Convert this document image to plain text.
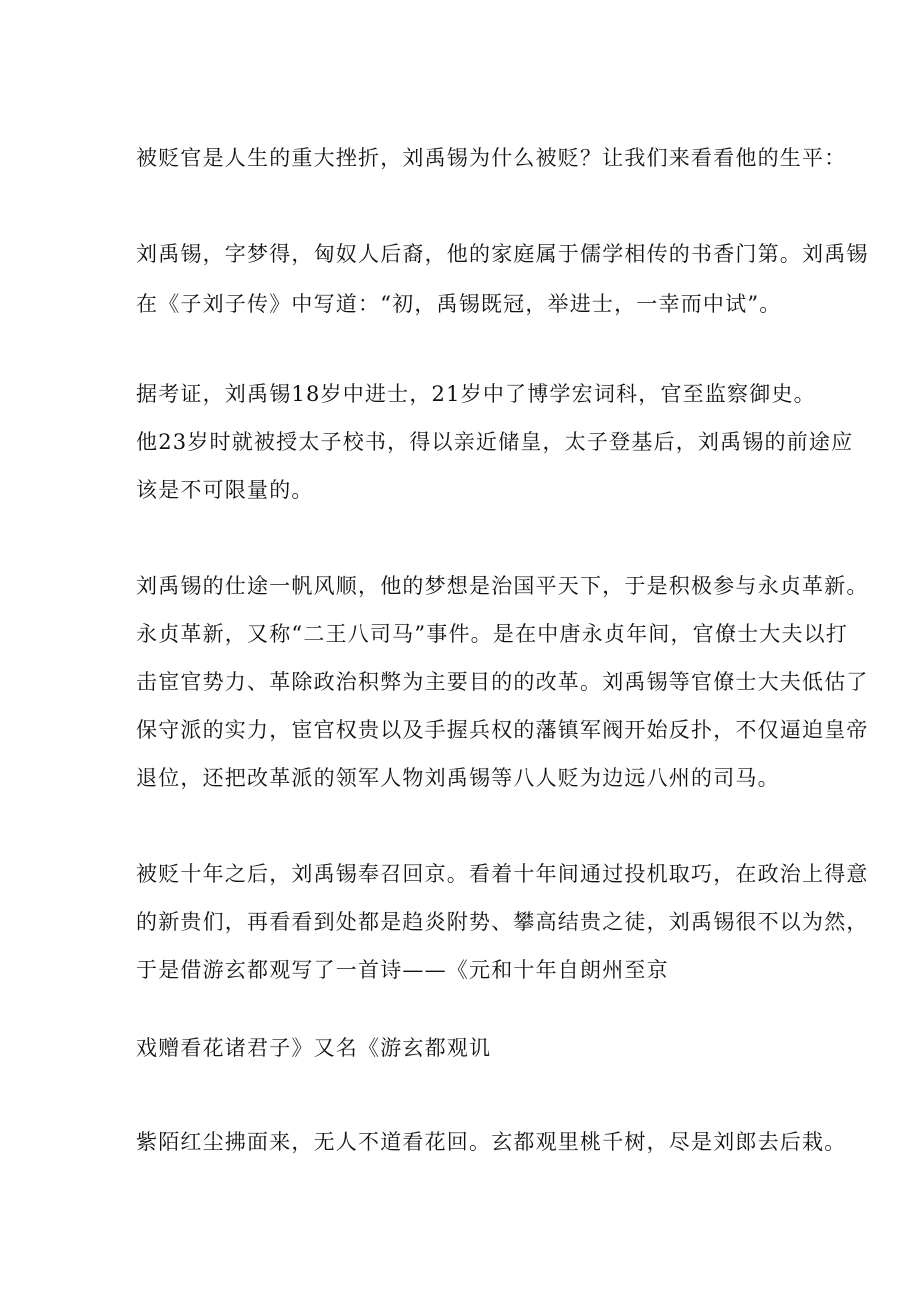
被贬官是人生的重大挫折，刘禹锡为什么被贬？让我们来看看他的生平：
刘禹锡，字梦得，匈奴人后裔，他的家庭属于儒学相传的书香门第。刘禹锡
在《子刘子传》中写道：“初，禹锡既冠，举进士，一幸而中试”。
据考证，刘禹锡18岁中进士，21岁中了博学宏词科，官至监察御史。
他23岁时就被授太子校书，得以亲近储皇，太子登基后，刘禹锡的前途应
该是不可限量的。
刘禹锡的仕途一帆风顺，他的梦想是治国平天下，于是积极参与永贞革新。
永贞革新，又称“二王八司马”事件。是在中唐永贞年间，官僚士大夫以打
击宦官势力、革除政治积弊为主要目的的改革。刘禹锡等官僚士大夫低估了
保守派的实力，宦官权贵以及手握兵权的藩镇军阀开始反扑，不仅逼迫皇帝
退位，还把改革派的领军人物刘禹锡等八人贬为边远八州的司马。
被贬十年之后，刘禹锡奉召回京。看着十年间通过投机取巧，在政治上得意
的新贵们，再看看到处都是趋炎附势、攀高结贵之徒，刘禹锡很不以为然，
于是借游玄都观写了一首诗——《元和十年自朗州至京
戏赠看花诸君子》又名《游玄都观讥
紫陌红尘拂面来，无人不道看花回。玄都观里桃千树，尽是刘郎去后栽。
